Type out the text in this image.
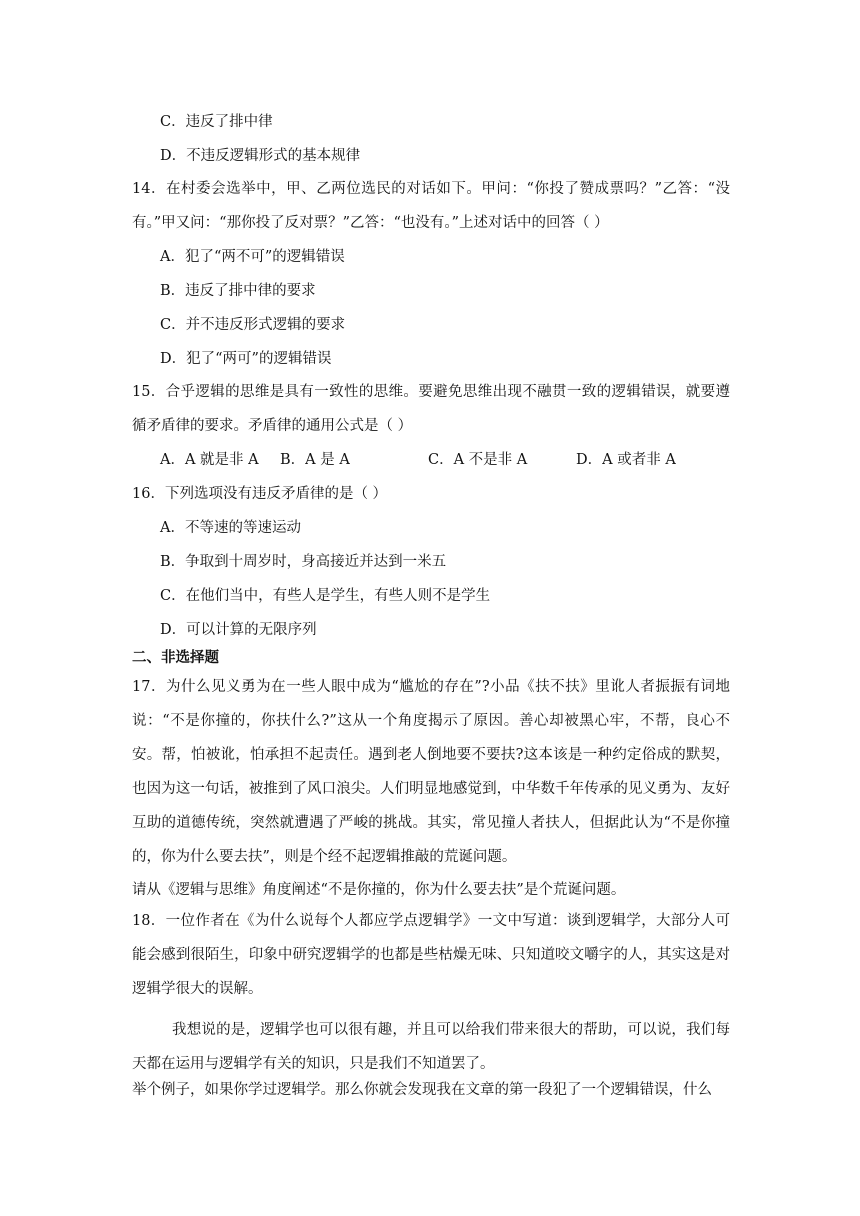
C．违反了排中律
D．不违反逻辑形式的基本规律
14．在村委会选举中，甲、乙两位选民的对话如下。甲问：“你投了赞成票吗？”乙答：“没有。”甲又问：“那你投了反对票？”乙答：“也没有。”上述对话中的回答（ ）
A．犯了“两不可”的逻辑错误
B．违反了排中律的要求
C．并不违反形式逻辑的要求
D．犯了“两可”的逻辑错误
15．合乎逻辑的思维是具有一致性的思维。要避免思维出现不融贯一致的逻辑错误，就要遵循矛盾律的要求。矛盾律的通用公式是（ ）
A．A 就是非 A B．A 是 A	C．A 不是非 A	D．A 或者非 A
16．下列选项没有违反矛盾律的是（ ）
A．不等速的等速运动
B．争取到十周岁时，身高接近并达到一米五
C．在他们当中，有些人是学生，有些人则不是学生
D．可以计算的无限序列
二、非选择题
17．为什么见义勇为在一些人眼中成为“尴尬的存在”?小品《扶不扶》里讹人者振振有词地说：“不是你撞的，你扶什么?”这从一个角度揭示了原因。善心却被黑心牢，不帮，良心不安。帮，怕被讹，怕承担不起责任。遇到老人倒地要不要扶?这本该是一种约定俗成的默契，也因为这一句话，被推到了风口浪尖。人们明显地感觉到，中华数千年传承的见义勇为、友好互助的道德传统，突然就遭遇了严峻的挑战。其实，常见撞人者扶人，但据此认为“不是你撞的，你为什么要去扶”，则是个经不起逻辑推敲的荒诞问题。
请从《逻辑与思维》角度阐述“不是你撞的，你为什么要去扶”是个荒诞问题。
18．一位作者在《为什么说每个人都应学点逻辑学》一文中写道：谈到逻辑学，大部分人可能会感到很陌生，印象中研究逻辑学的也都是些枯燥无味、只知道咬文嚼字的人，其实这是对逻辑学很大的误解。
我想说的是，逻辑学也可以很有趣，并且可以给我们带来很大的帮助，可以说，我们每天都在运用与逻辑学有关的知识，只是我们不知道罢了。
举个例子，如果你学过逻辑学。那么你就会发现我在文章的第一段犯了一个逻辑错误，什么
